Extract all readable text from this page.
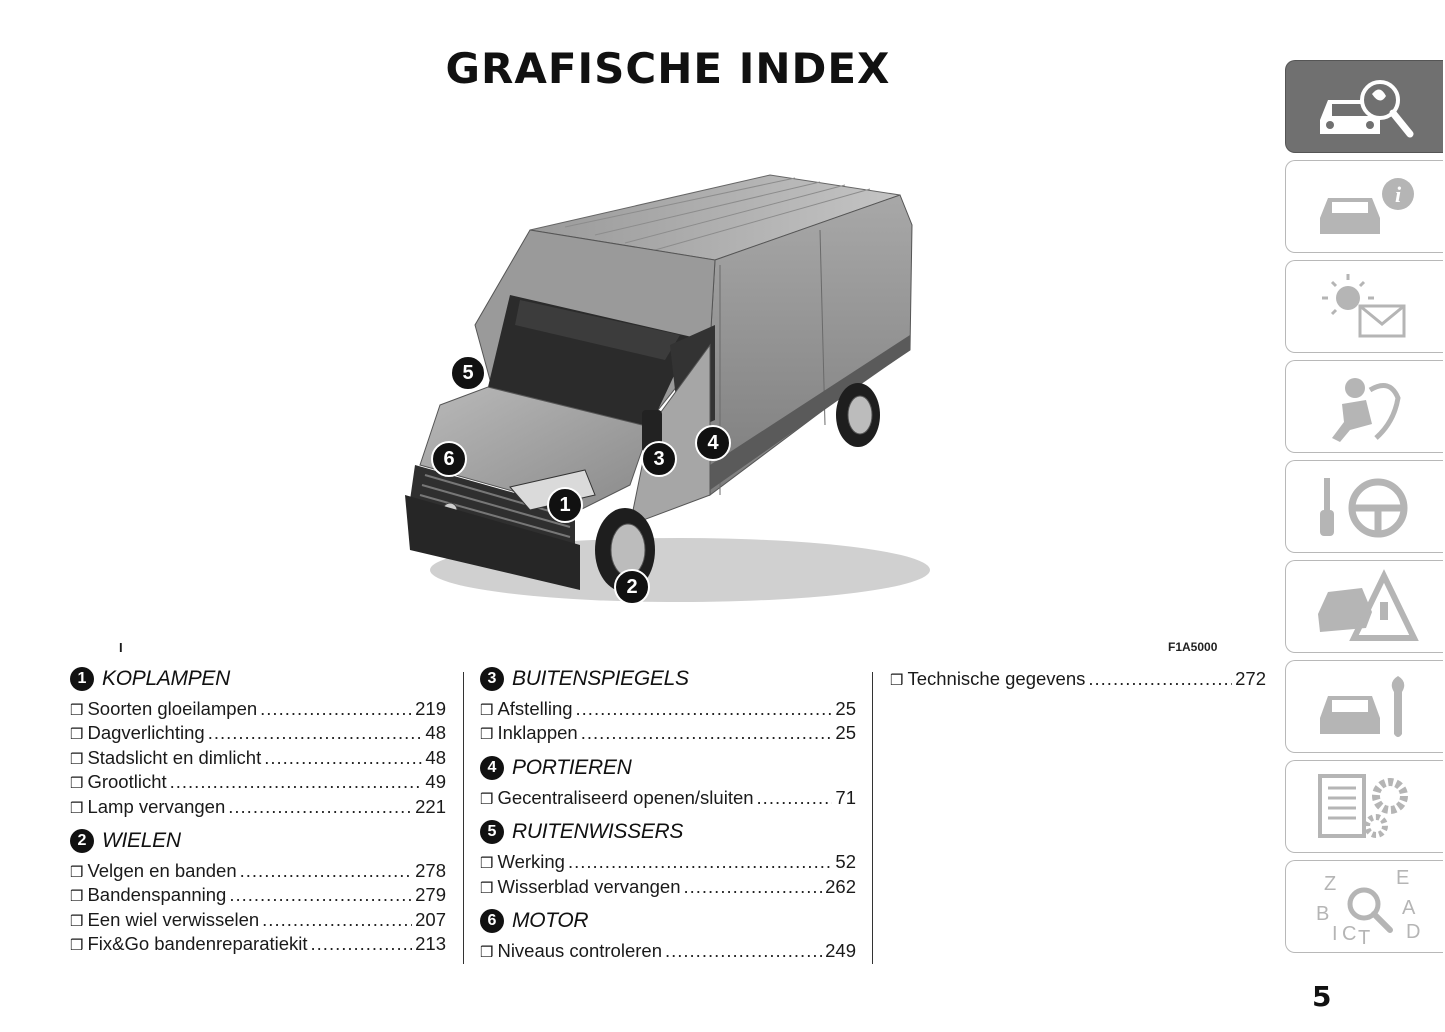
GRAFISCHE INDEX
1
2
3
4
5
6
I	F1A5000
1 KOPLAMPEN
❒ Soorten gloeilampen .....	219
❒ Dagverlichting .....	48
❒ Stadslicht en dimlicht .....	48
❒ Grootlicht .....	49
❒ Lamp vervangen .....	221
2 WIELEN
❒ Velgen en banden .....	278
❒ Bandenspanning .....	279
❒ Een wiel verwisselen .....	207
❒ Fix&Go bandenreparatiekit .....	213
3 BUITENSPIEGELS
❒ Afstelling .....	25
❒ Inklappen .....	25
4 PORTIEREN
❒ Gecentraliseerd openen/sluiten .....	71
5 RUITENWISSERS
❒ Werking .....	52
❒ Wisserblad vervangen .....	262
6 MOTOR
❒ Niveaus controleren .....	249
❒ Technische gegevens .....	272
i
Z	E
B	A
I C T D
5
